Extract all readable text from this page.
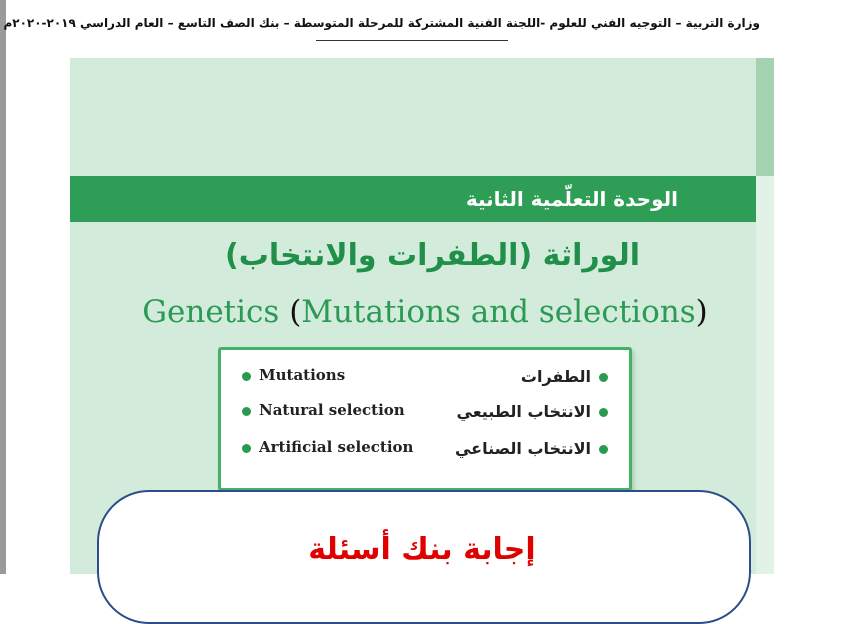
وزارة التربية – التوجيه الفني للعلوم -اللجنة الفنية المشتركة للمرحلة المتوسطة – بنك الصف التاسع – العام الدراسي ٢٠١٩-٢٠٢٠م
الوحدة التعلّمية الثانية
الوراثة (الطفرات والانتخاب)
Genetics (Mutations and selections)
Mutations
Natural selection
Artificial selection
الطفرات
الانتخاب الطبيعي
الانتخاب الصناعي
إجابة بنك أسئلة
